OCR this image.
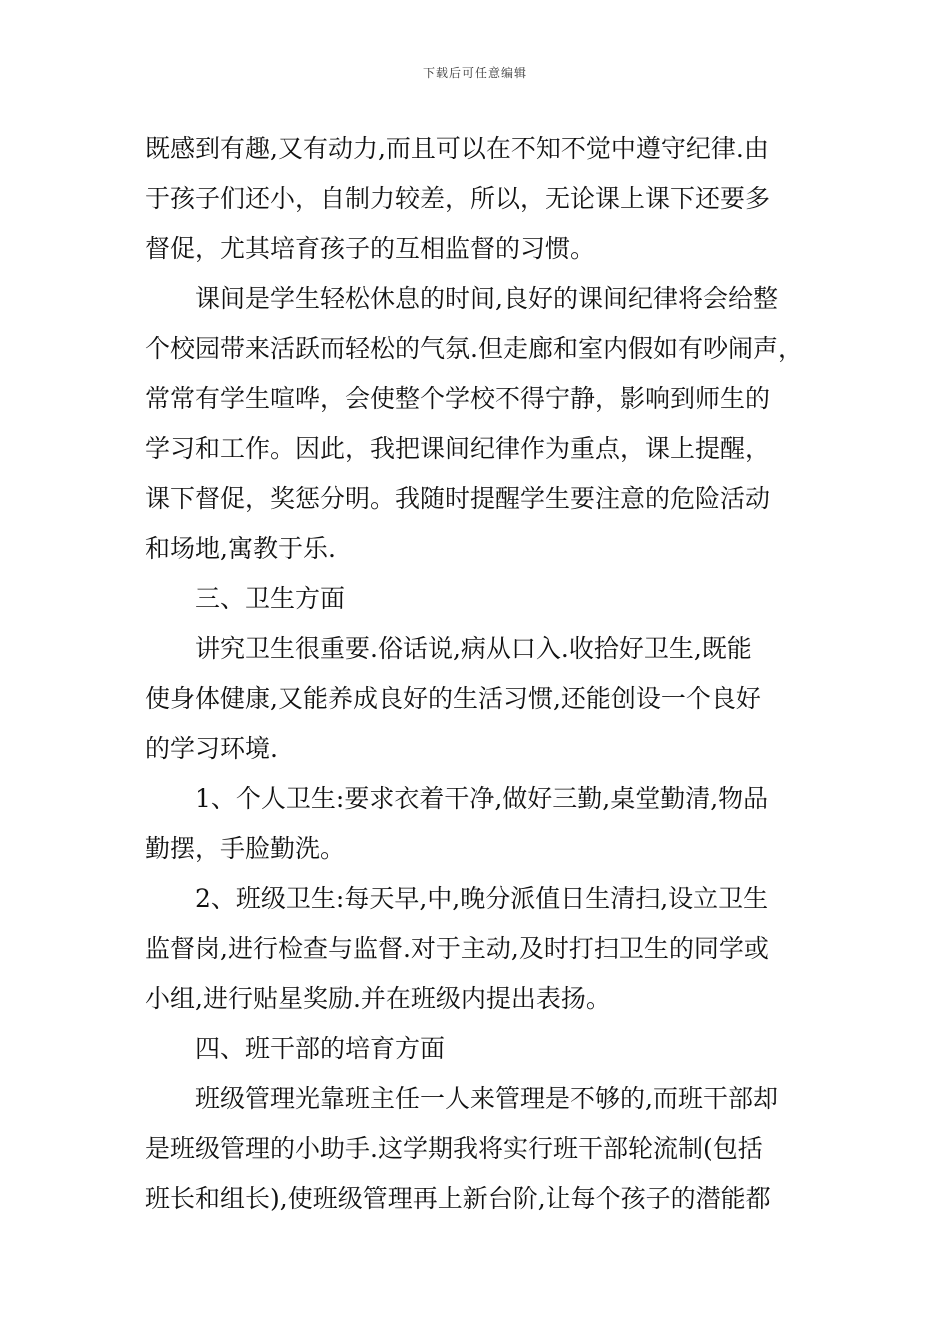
下载后可任意编辑
既感到有趣,又有动力,而且可以在不知不觉中遵守纪律.由
于孩子们还小，自制力较差，所以，无论课上课下还要多
督促，尤其培育孩子的互相监督的习惯。
课间是学生轻松休息的时间,良好的课间纪律将会给整
个校园带来活跃而轻松的气氛.但走廊和室内假如有吵闹声，
常常有学生喧哗，会使整个学校不得宁静，影响到师生的
学习和工作。因此，我把课间纪律作为重点，课上提醒，
课下督促，奖惩分明。我随时提醒学生要注意的危险活动
和场地,寓教于乐.
三、卫生方面
讲究卫生很重要.俗话说,病从口入.收拾好卫生,既能
使身体健康,又能养成良好的生活习惯,还能创设一个良好
的学习环境.
1、个人卫生:要求衣着干净,做好三勤,桌堂勤清,物品
勤摆，手脸勤洗。
2、班级卫生:每天早,中,晚分派值日生清扫,设立卫生
监督岗,进行检查与监督.对于主动,及时打扫卫生的同学或
小组,进行贴星奖励.并在班级内提出表扬。
四、班干部的培育方面
班级管理光靠班主任一人来管理是不够的,而班干部却
是班级管理的小助手.这学期我将实行班干部轮流制(包括
班长和组长),使班级管理再上新台阶,让每个孩子的潜能都
